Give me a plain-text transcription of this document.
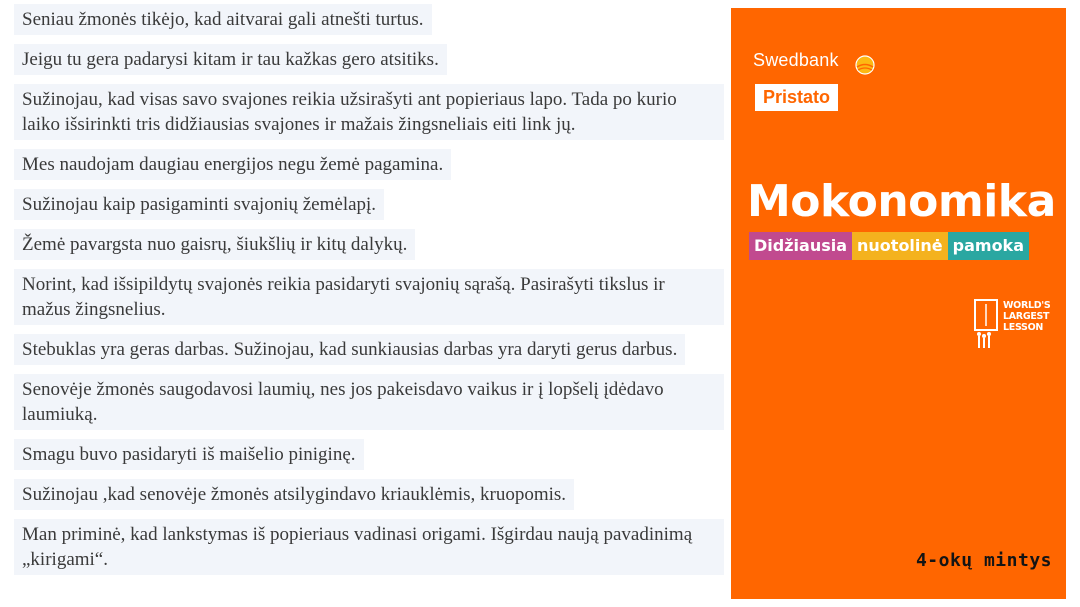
Seniau žmonės tikėjo, kad aitvarai gali atnešti turtus.

Jeigu tu gera padarysi kitam ir tau kažkas gero atsitiks.

Sužinojau, kad visas savo svajones reikia užsirašyti ant popieriaus lapo. Tada po kurio laiko išsirinkti tris didžiausias svajones ir mažais žingsneliais eiti link jų.

Mes naudojam daugiau energijos negu žemė pagamina.

Sužinojau kaip pasigaminti svajonių žemėlapį.

Žemė pavargsta nuo gaisrų, šiukšlių ir kitų dalykų.

Norint, kad išsipildytų svajonės reikia pasidaryti svajonių sąrašą. Pasirašyti tikslus ir mažus žingsnelius.

Stebuklas yra geras darbas. Sužinojau, kad sunkiausias darbas yra daryti gerus darbus.

Senovėje žmonės saugodavosi laumių, nes jos pakeisdavo vaikus ir į lopšelį įdėdavo laumiuką.

Smagu buvo pasidaryti iš maišelio piniginę.

Sužinojau ,kad senovėje žmonės atsilygindavo kriauklėmis, kruopomis.

Man priminė, kad lankstymas iš popieriaus vadinasi origami. Išgirdau naują pavadinimą „kirigami“.

Swedbank
Pristato
Mokonomika
Didžiausia nuotolinė pamoka
WORLD'S
LARGEST
LESSON
4-okų mintys
